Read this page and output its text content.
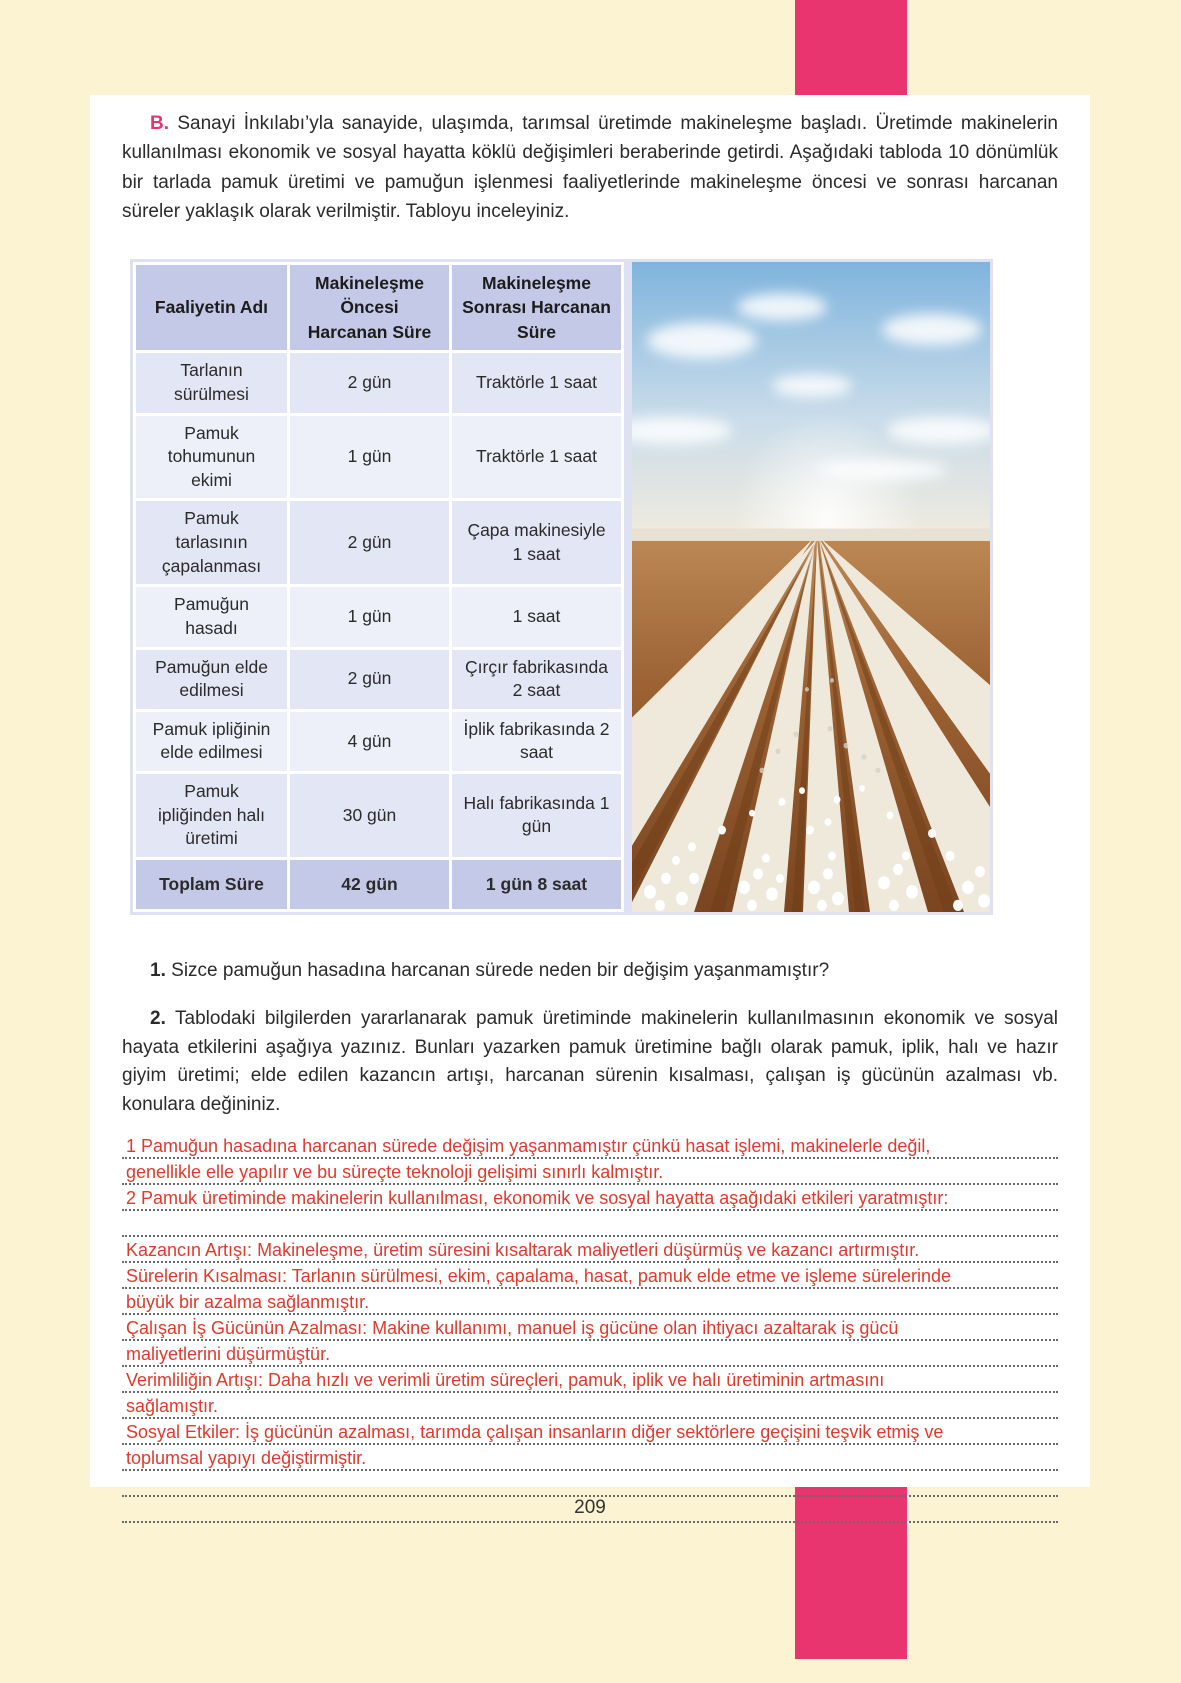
B. Sanayi İnkılabı’yla sanayide, ulaşımda, tarımsal üretimde makineleşme başladı. Üretimde makinelerin kullanılması ekonomik ve sosyal hayatta köklü değişimleri beraberinde getirdi. Aşağıdaki tabloda 10 dönümlük bir tarlada pamuk üretimi ve pamuğun işlenmesi faaliyetlerinde makineleşme öncesi ve sonrası harcanan süreler yaklaşık olarak verilmiştir. Tabloyu inceleyiniz.

Faaliyetin Adı	Makineleşme Öncesi Harcanan Süre	Makineleşme Sonrası Harcanan Süre
Tarlanın sürülmesi	2 gün	Traktörle 1 saat
Pamuk tohumunun ekimi	1 gün	Traktörle 1 saat
Pamuk tarlasının çapalanması	2 gün	Çapa makinesiyle 1 saat
Pamuğun hasadı	1 gün	1 saat
Pamuğun elde edilmesi	2 gün	Çırçır fabrikasında 2 saat
Pamuk ipliğinin elde edilmesi	4 gün	İplik fabrikasında 2 saat
Pamuk ipliğinden halı üretimi	30 gün	Halı fabrikasında 1 gün
Toplam Süre	42 gün	1 gün 8 saat

1. Sizce pamuğun hasadına harcanan sürede neden bir değişim yaşanmamıştır?

2. Tablodaki bilgilerden yararlanarak pamuk üretiminde makinelerin kullanılmasının ekonomik ve sosyal hayata etkilerini aşağıya yazınız. Bunları yazarken pamuk üretimine bağlı olarak pamuk, iplik, halı ve hazır giyim üretimi; elde edilen kazancın artışı, harcanan sürenin kısalması, çalışan iş gücünün azalması vb. konulara değininiz.

1 Pamuğun hasadına harcanan sürede değişim yaşanmamıştır çünkü hasat işlemi, makinelerle değil,
genellikle elle yapılır ve bu süreçte teknoloji gelişimi sınırlı kalmıştır.
2 Pamuk üretiminde makinelerin kullanılması, ekonomik ve sosyal hayatta aşağıdaki etkileri yaratmıştır:
Kazancın Artışı: Makineleşme, üretim süresini kısaltarak maliyetleri düşürmüş ve kazancı artırmıştır.
Sürelerin Kısalması: Tarlanın sürülmesi, ekim, çapalama, hasat, pamuk elde etme ve işleme sürelerinde
büyük bir azalma sağlanmıştır.
Çalışan İş Gücünün Azalması: Makine kullanımı, manuel iş gücüne olan ihtiyacı azaltarak iş gücü
maliyetlerini düşürmüştür.
Verimliliğin Artışı: Daha hızlı ve verimli üretim süreçleri, pamuk, iplik ve halı üretiminin artmasını
sağlamıştır.
Sosyal Etkiler: İş gücünün azalması, tarımda çalışan insanların diğer sektörlere geçişini teşvik etmiş ve
toplumsal yapıyı değiştirmiştir.
209
